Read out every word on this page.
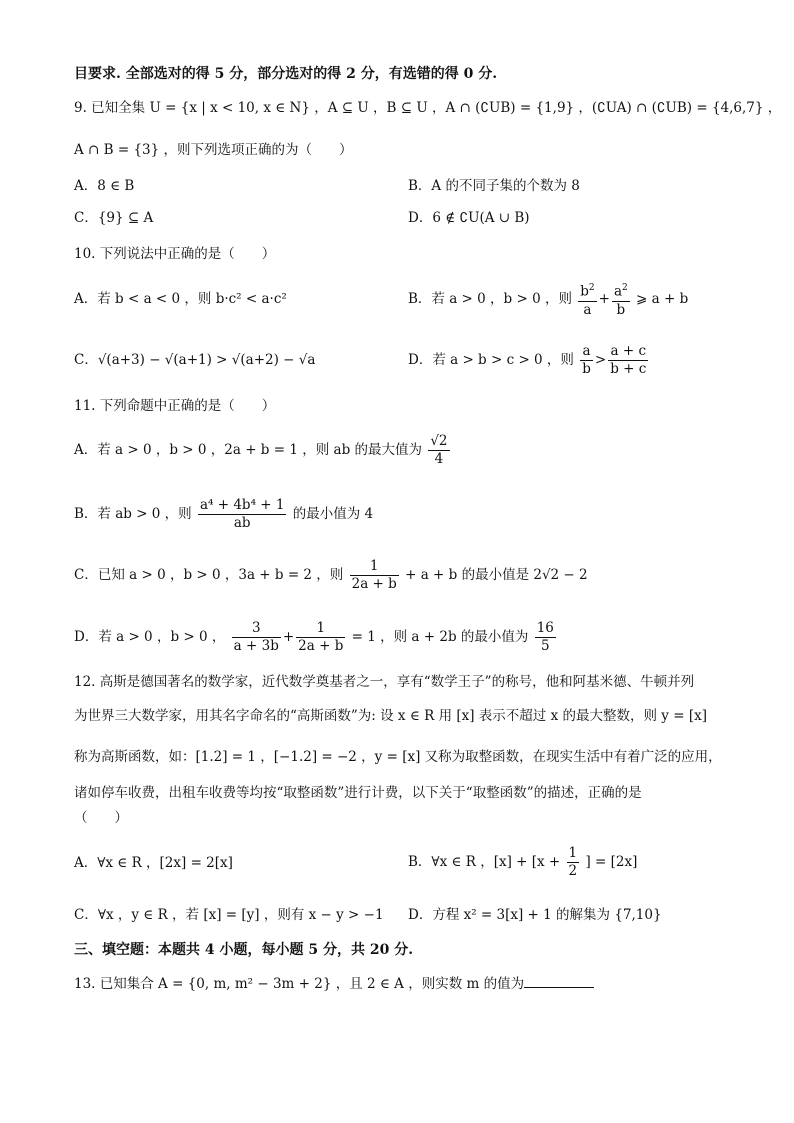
目要求. 全部选对的得 5 分，部分选对的得 2 分，有选错的得 0 分.
9. 已知全集 U = {x | x < 10, x ∈ N} ，A ⊆ U ，B ⊆ U ，A ∩ (∁UB) = {1,9} ，(∁UA) ∩ (∁UB) = {4,6,7} ，
A ∩ B = {3} ，则下列选项正确的为（　　）
A．8 ∈ B	B．A 的不同子集的个数为 8
C．{9} ⊆ A	D．6 ∉ ∁U(A ∪ B)
10. 下列说法中正确的是（　　）
A．若 b < a < 0 ，则 b·c² < a·c²	B．若 a > 0 ，b > 0 ，则 $\frac{b^2}{a} + \frac{a^2}{b}$ ⩾ a + b
C．√(a+3) − √(a+1) > √(a+2) − √a	D．若 a > b > c > 0 ，则 $\frac{a}{b} > \frac{a + c}{b + c}$
11. 下列命题中正确的是（　　）
A．若 a > 0 ，b > 0 ，2a + b = 1 ，则 ab 的最大值为 $\frac{√2}{4}$
B．若 ab > 0 ，则 $\frac{\text{a⁴ + 4b⁴ + 1}}{ab}$ 的最小值为 4
C．已知 a > 0 ，b > 0 ，3a + b = 2 ，则 $\frac{1}{2a + b} + a + b$ 的最小值是 2√2 − 2
D．若 a > 0 ，b > 0 ， $\frac{3}{a + 3b} + \frac{1}{2a + b} = 1$ ，则 a + 2b 的最小值为 $\frac{16}{5}$
12. 高斯是德国著名的数学家，近代数学奠基者之一，享有“数学王子”的称号，他和阿基米德、牛顿并列
为世界三大数学家，用其名字命名的“高斯函数”为: 设 x ∈ R 用 [x] 表示不超过 x 的最大整数，则 y = [x]
称为高斯函数，如：[1.2] = 1 ，[−1.2] = −2 ，y = [x] 又称为取整函数，在现实生活中有着广泛的应用，
诸如停车收费，出租车收费等均按“取整函数”进行计费，以下关于“取整函数”的描述，正确的是
（　　）
A．∀x ∈ R ，[2x] = 2[x]	B．∀x ∈ R ，$[x] + [x + \frac{1}{2}$ ] = [2x]
C．∀x ，y ∈ R ，若 [x] = [y] ，则有 x − y > −1 D．方程 x² = 3[x] + 1 的解集为 {7,10}
三、填空题：本题共 4 小题，每小题 5 分，共 20 分.
13. 已知集合 A = {0, m, m² − 3m + 2} ，且 2 ∈ A ，则实数 m 的值为
